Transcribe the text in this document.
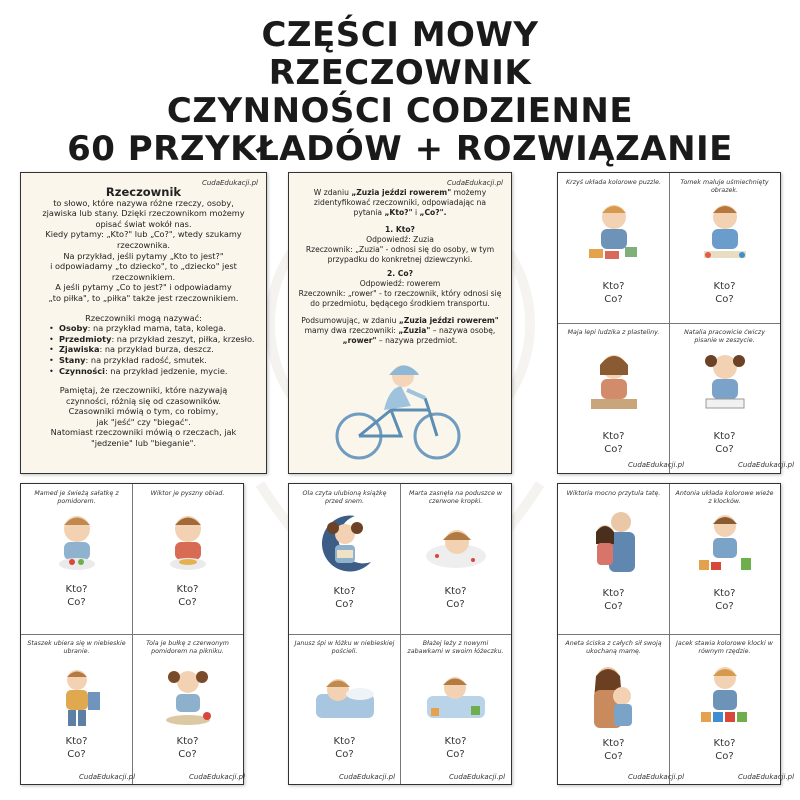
CZĘŚCI MOWY
RZECZOWNIK
CZYNNOŚCI CODZIENNE
60 PRZYKŁADÓW + ROZWIĄZANIE
CudaEdukacji.pl
Rzeczownik
to słowo, które nazywa różne rzeczy, osoby,
zjawiska lub stany. Dzięki rzeczownikom możemy
opisać świat wokół nas.
Kiedy pytamy: „Kto?" lub „Co?", wtedy szukamy
rzeczownika.
Na przykład, jeśli pytamy „Kto to jest?"
i odpowiadamy „to dziecko", to „dziecko" jest
rzeczownikiem.
A jeśli pytamy „Co to jest?" i odpowiadamy
„to piłka", to „piłka" także jest rzeczownikiem.
Rzeczowniki mogą nazywać:
• Osoby: na przykład mama, tata, kolega.
• Przedmioty: na przykład zeszyt, piłka, krzesło.
• Zjawiska: na przykład burza, deszcz.
• Stany: na przykład radość, smutek.
• Czynności: na przykład jedzenie, mycie.
Pamiętaj, że rzeczowniki, które nazywają
czynności, różnią się od czasowników.
Czasowniki mówią o tym, co robimy,
jak "jeść" czy "biegać".
Natomiast rzeczowniki mówią o rzeczach, jak
"jedzenie" lub "bieganie".
CudaEdukacji.pl
W zdaniu „Zuzia jeździ rowerem" możemy
zidentyfikować rzeczowniki, odpowiadając na
pytania „Kto?" i „Co?".
1. Kto?
Odpowiedź: Zuzia
Rzeczownik: „Zuzia" - odnosi się do osoby, w tym
przypadku do konkretnej dziewczynki.
2. Co?
Odpowiedź: rowerem
Rzeczownik: „rower" - to rzeczownik, który odnosi się
do przedmiotu, będącego środkiem transportu.
Podsumowując, w zdaniu „Zuzia jeździ rowerem"
mamy dwa rzeczowniki: „Zuzia" – nazywa osobę,
„rower" – nazywa przedmiot.
Krzyś układa kolorowe puzzle.
Kto?
Co?
Tomek maluje uśmiechnięty obrazek.
Kto?
Co?
Maja lepi ludzika z plasteliny.
Kto?
Co?
Natalia pracowicie ćwiczy pisanie w zeszycie.
Kto?
Co?
CudaEdukacji.pl	CudaEdukacji.pl
Mamed je świeżą sałatkę z pomidorem.
Kto?
Co?
Wiktor je pyszny obiad.
Kto?
Co?
Staszek ubiera się w niebieskie ubranie.
Kto?
Co?
Tola je bułkę z czerwonym pomidorem na pikniku.
Kto?
Co?
CudaEdukacji.pl	CudaEdukacji.pl
Ola czyta ulubioną książkę przed snem.
Kto?
Co?
Marta zasnęła na poduszce w czerwone kropki.
Kto?
Co?
Janusz śpi w łóżku w niebieskiej pościeli.
Kto?
Co?
Błażej leży z nowymi zabawkami w swoim łóżeczku.
Kto?
Co?
CudaEdukacji.pl	CudaEdukacji.pl
Wiktoria mocno przytula tatę.
Kto?
Co?
Antonia układa kolorowe wieże z klocków.
Kto?
Co?
Aneta ściska z całych sił swoją ukochaną mamę.
Kto?
Co?
Jacek stawia kolorowe klocki w równym rzędzie.
Kto?
Co?
CudaEdukacji.pl	CudaEdukacji.pl
